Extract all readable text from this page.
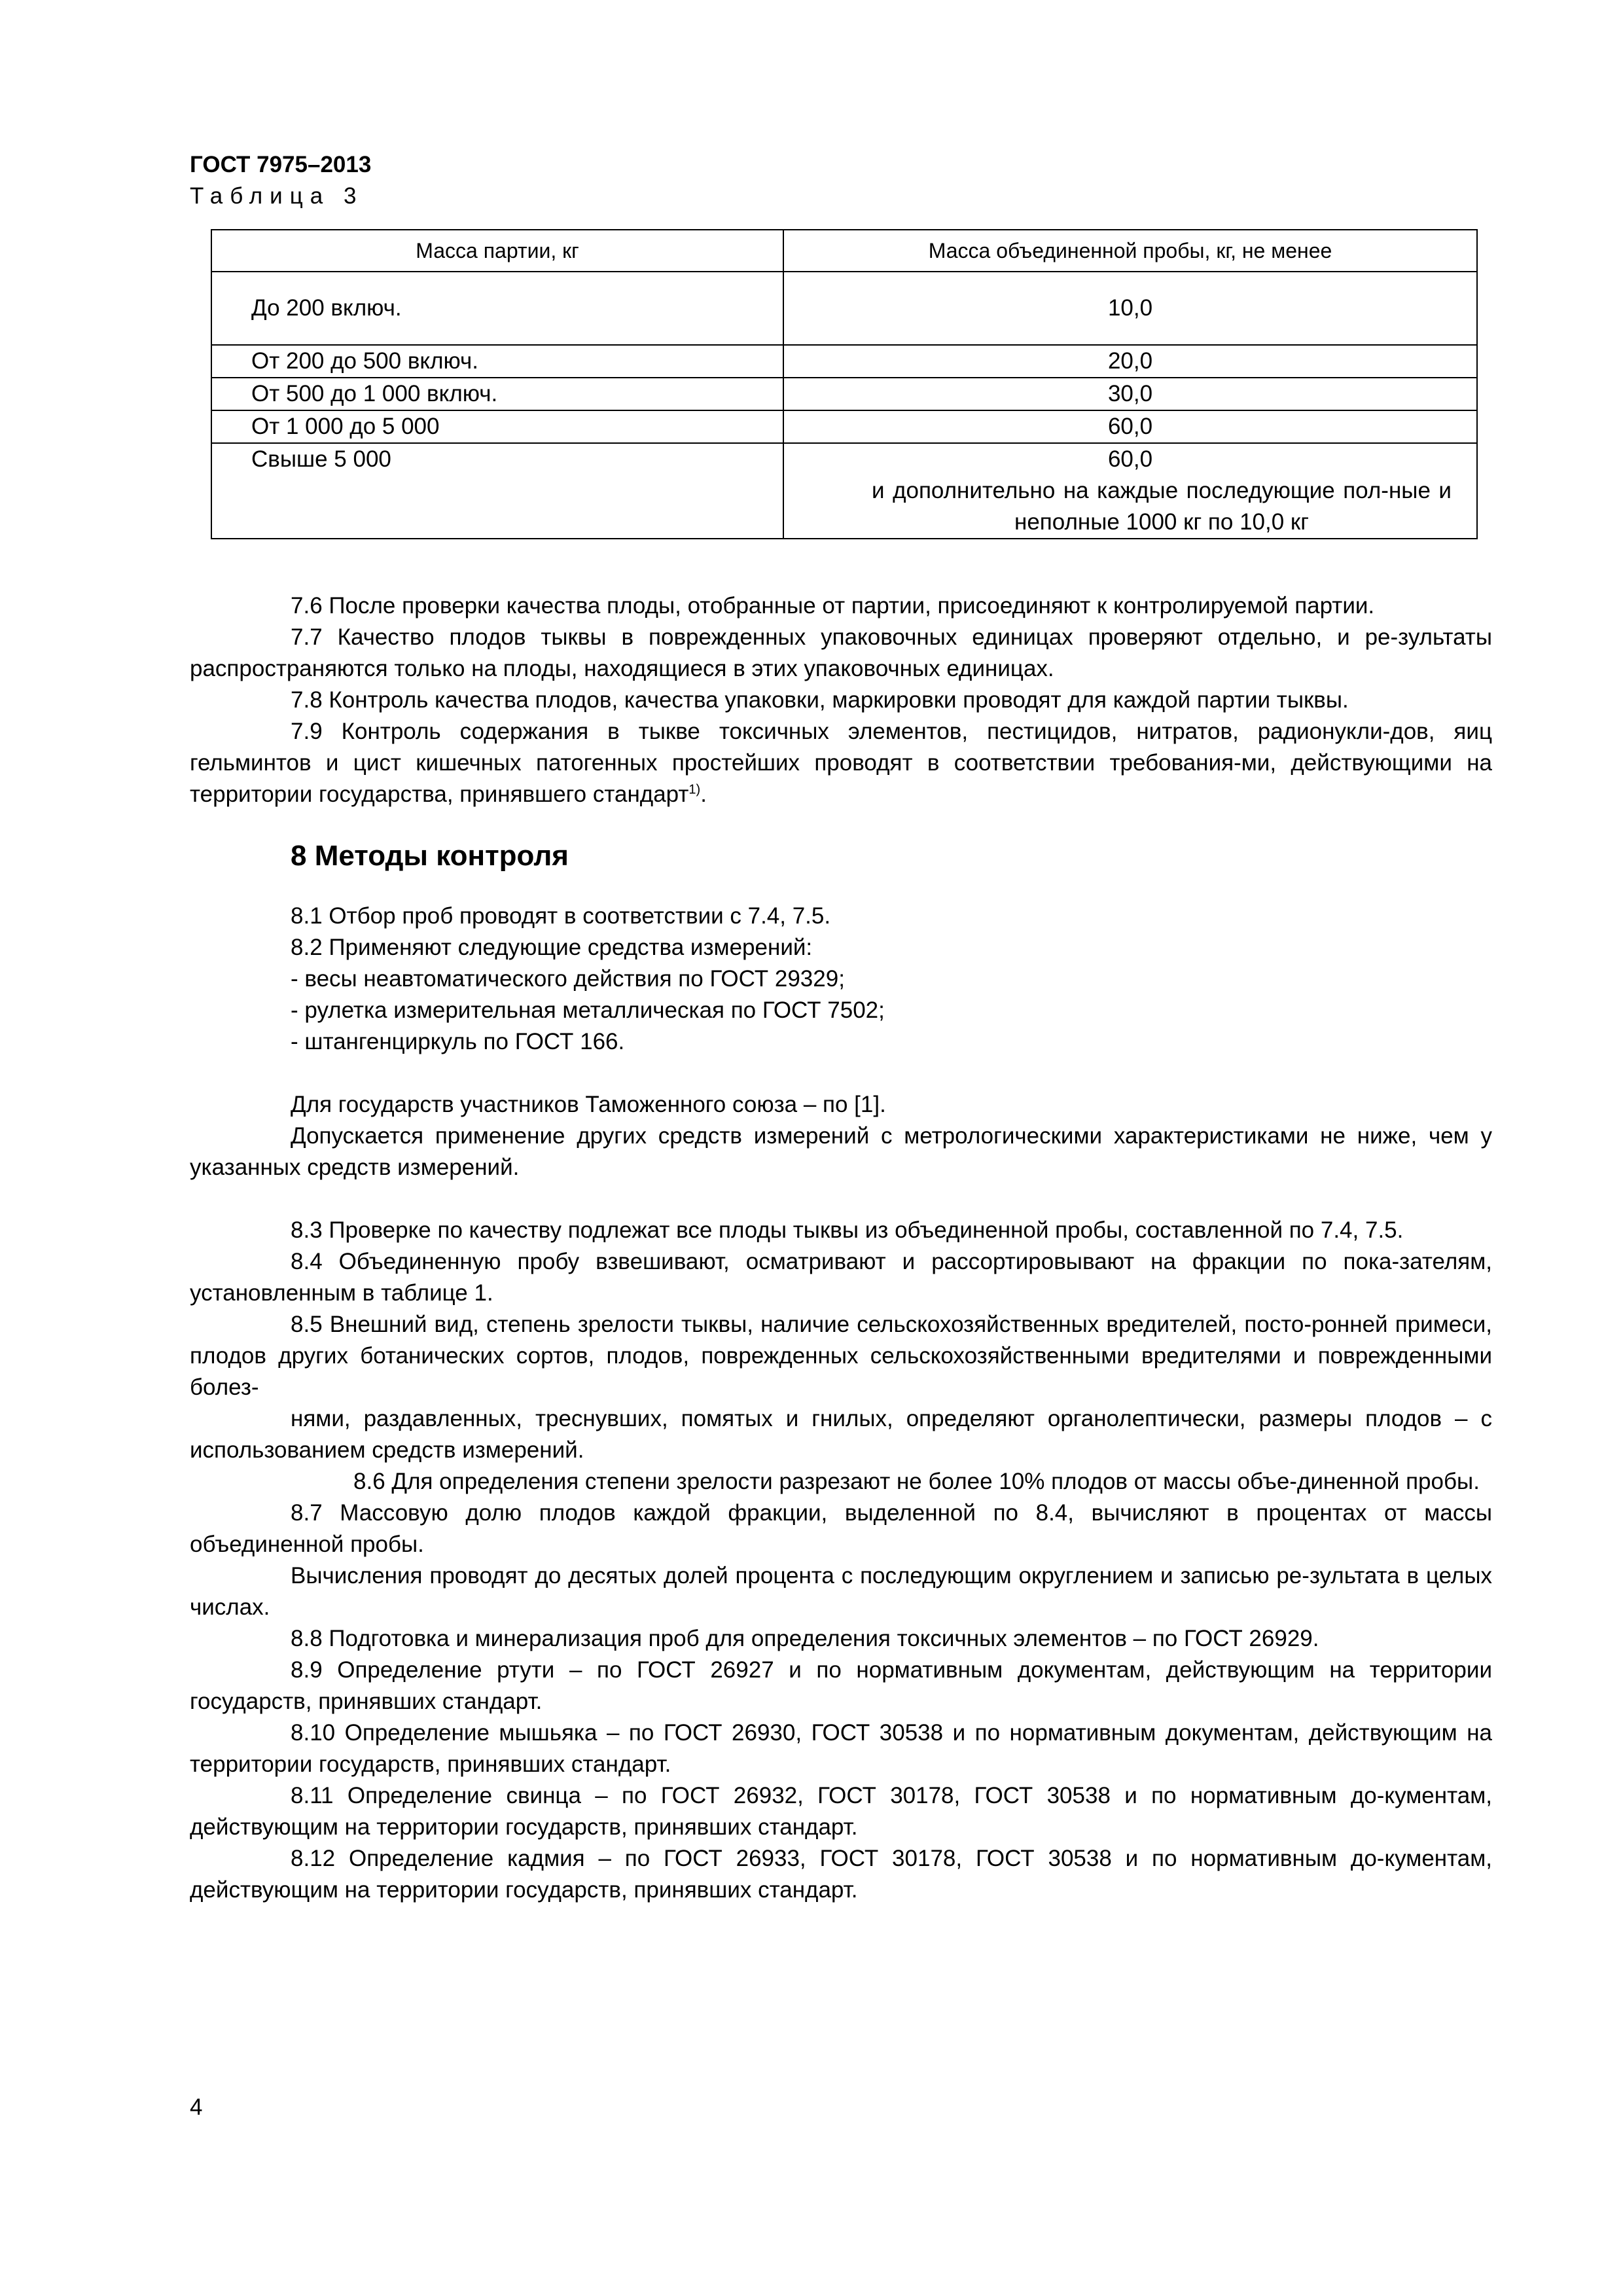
ГОСТ 7975–2013
Таблица 3
Масса партии, кг	Масса объединенной пробы, кг, не менее
До 200 включ.	10,0
От 200 до 500 включ.	20,0
От 500 до 1 000 включ.	30,0
От 1 000 до 5 000	60,0
Свыше 5 000	60,0
и дополнительно на каждые последующие пол-ные и неполные 1000 кг по 10,0 кг

7.6 После проверки качества плоды, отобранные от партии, присоединяют к контролируемой партии.

7.7 Качество плодов тыквы в поврежденных упаковочных единицах проверяют отдельно, и ре-зультаты распространяются только на плоды, находящиеся в этих упаковочных единицах.

7.8 Контроль качества плодов, качества упаковки, маркировки проводят для каждой партии тыквы.

7.9 Контроль содержания в тыкве токсичных элементов, пестицидов, нитратов, радионукли-дов, яиц гельминтов и цист кишечных патогенных простейших проводят в соответствии требования-ми, действующими на территории государства, принявшего стандарт$^{1)}$.

8 Методы контроля

8.1 Отбор проб проводят в соответствии с 7.4, 7.5.

8.2 Применяют следующие средства измерений:

- весы неавтоматического действия по ГОСТ 29329;

- рулетка измерительная металлическая по ГОСТ 7502;

- штангенциркуль по ГОСТ 166.

Для государств участников Таможенного союза – по [1].

Допускается применение других средств измерений с метрологическими характеристиками не ниже, чем у указанных средств измерений.

8.3 Проверке по качеству подлежат все плоды тыквы из объединенной пробы, составленной по 7.4, 7.5.

8.4 Объединенную пробу взвешивают, осматривают и рассортировывают на фракции по пока-зателям, установленным в таблице 1.

8.5 Внешний вид, степень зрелости тыквы, наличие сельскохозяйственных вредителей, посто-ронней примеси, плодов других ботанических сортов, плодов, поврежденных сельскохозяйственными вредителями и поврежденными болез-

нями, раздавленных, треснувших, помятых и гнилых, определяют органолептически, размеры плодов – с использованием средств измерений.

8.6 Для определения степени зрелости разрезают не более 10% плодов от массы объе-диненной пробы.

8.7 Массовую долю плодов каждой фракции, выделенной по 8.4, вычисляют в процентах от массы объединенной пробы.

Вычисления проводят до десятых долей процента с последующим округлением и записью ре-зультата в целых числах.

8.8 Подготовка и минерализация проб для определения токсичных элементов – по ГОСТ 26929.

8.9 Определение ртути – по ГОСТ 26927 и по нормативным документам, действующим на территории государств, принявших стандарт.

8.10 Определение мышьяка – по ГОСТ 26930, ГОСТ 30538 и по нормативным документам, действующим на территории государств, принявших стандарт.

8.11 Определение свинца – по ГОСТ 26932, ГОСТ 30178, ГОСТ 30538 и по нормативным до-кументам, действующим на территории государств, принявших стандарт.

8.12 Определение кадмия – по ГОСТ 26933, ГОСТ 30178, ГОСТ 30538 и по нормативным до-кументам, действующим на территории государств, принявших стандарт.

4
